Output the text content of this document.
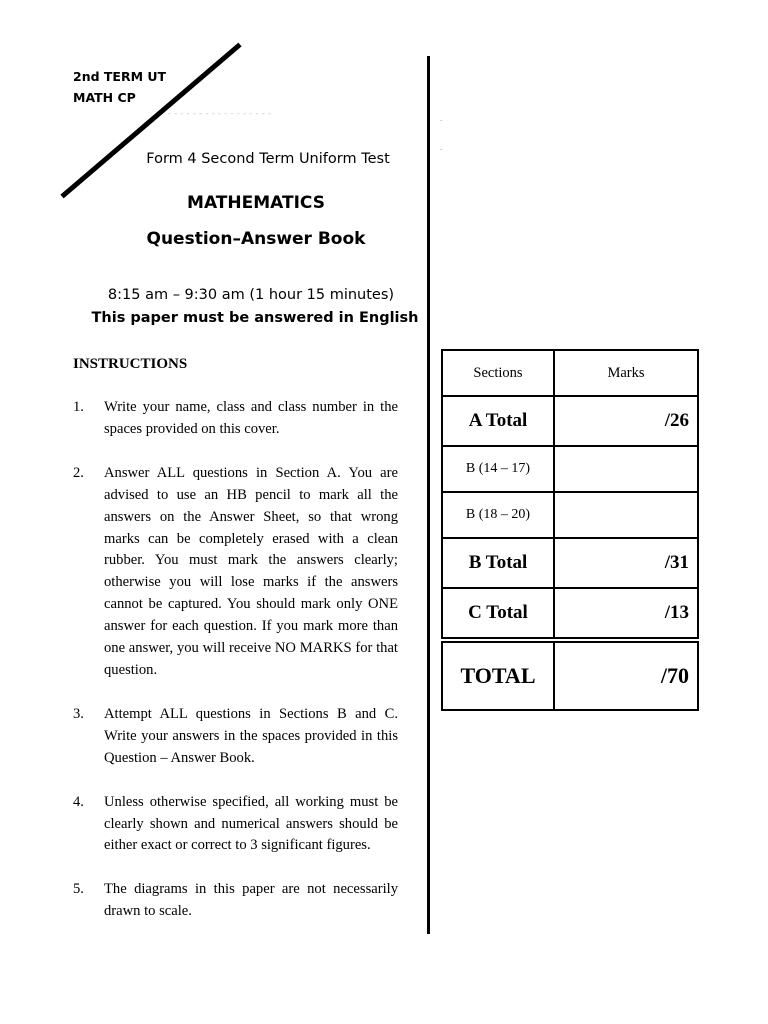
2nd TERM UT
MATH CP
- - - - - - - - - - - - - - - - -	.
.
Form 4 Second Term Uniform Test
MATHEMATICS
Question–Answer Book
8:15 am – 9:30 am (1 hour 15 minutes)
This paper must be answered in English
INSTRUCTIONS
1. Write your name, class and class number in the spaces provided on this cover.
2. Answer ALL questions in Section A. You are advised to use an HB pencil to mark all the answers on the Answer Sheet, so that wrong marks can be completely erased with a clean rubber. You must mark the answers clearly; otherwise you will lose marks if the answers cannot be captured. You should mark only ONE answer for each question. If you mark more than one answer, you will receive NO MARKS for that question.
3. Attempt ALL questions in Sections B and C. Write your answers in the spaces provided in this Question – Answer Book.
4. Unless otherwise specified, all working must be clearly shown and numerical answers should be either exact or correct to 3 significant figures.
5. The diagrams in this paper are not necessarily drawn to scale.
Sections	Marks
A Total	/26
B (14 – 17)	
B (18 – 20)	
B Total	/31
C Total	/13
TOTAL	/70
